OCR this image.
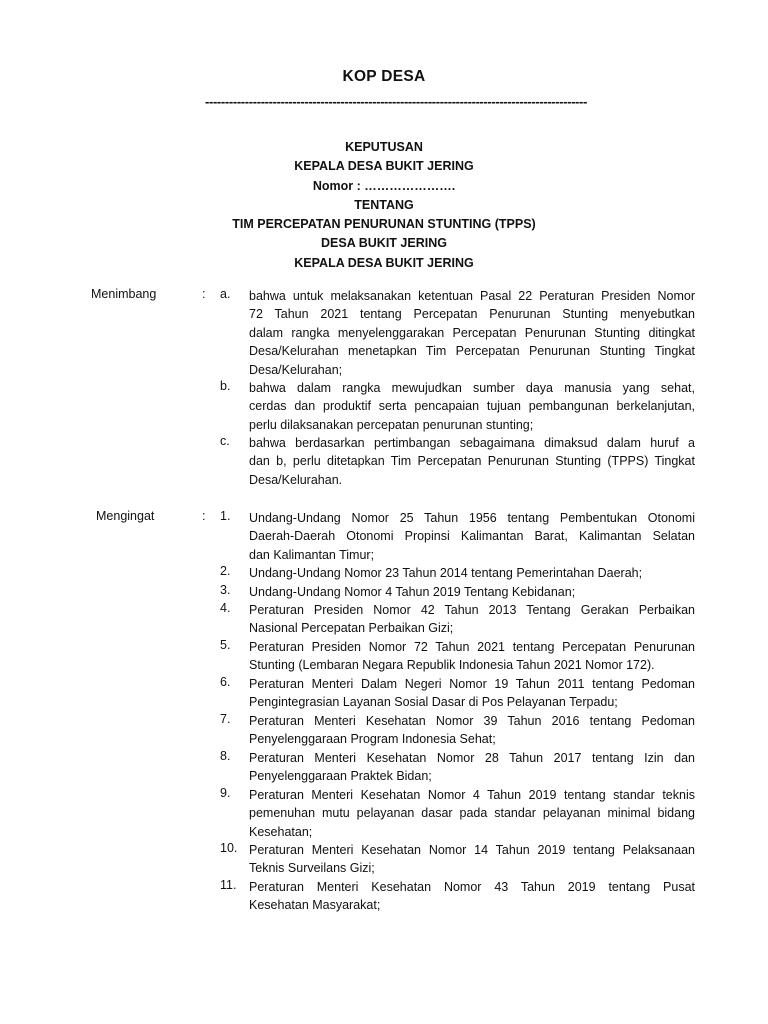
KOP DESA
------------------------------------------------------------------------------------------------
KEPUTUSAN
KEPALA DESA BUKIT JERING
Nomor : ………………….
TENTANG
TIM PERCEPATAN PENURUNAN STUNTING (TPPS)
DESA BUKIT JERING
KEPALA DESA BUKIT JERING
Menimbang	: a. bahwa untuk melaksanakan ketentuan Pasal 22 Peraturan Presiden Nomor
72 Tahun 2021 tentang Percepatan Penurunan Stunting menyebutkan
dalam rangka menyelenggarakan Percepatan Penurunan Stunting ditingkat
Desa/Kelurahan menetapkan Tim Percepatan Penurunan Stunting Tingkat
Desa/Kelurahan;
b. bahwa dalam rangka mewujudkan sumber daya manusia yang sehat,
cerdas dan produktif serta pencapaian tujuan pembangunan berkelanjutan,
perlu dilaksanakan percepatan penurunan stunting;
c. bahwa berdasarkan pertimbangan sebagaimana dimaksud dalam huruf a
dan b, perlu ditetapkan Tim Percepatan Penurunan Stunting (TPPS) Tingkat
Desa/Kelurahan.
Mengingat	: 1. Undang-Undang Nomor 25 Tahun 1956 tentang Pembentukan Otonomi
Daerah-Daerah Otonomi Propinsi Kalimantan Barat, Kalimantan Selatan
dan Kalimantan Timur;
2. Undang-Undang Nomor 23 Tahun 2014 tentang Pemerintahan Daerah;
3. Undang-Undang Nomor 4 Tahun 2019 Tentang Kebidanan;
4. Peraturan Presiden Nomor 42 Tahun 2013 Tentang Gerakan Perbaikan
Nasional Percepatan Perbaikan Gizi;
5. Peraturan Presiden Nomor 72 Tahun 2021 tentang Percepatan Penurunan
Stunting (Lembaran Negara Republik Indonesia Tahun 2021 Nomor 172).
6. Peraturan Menteri Dalam Negeri Nomor 19 Tahun 2011 tentang Pedoman
Pengintegrasian Layanan Sosial Dasar di Pos Pelayanan Terpadu;
7. Peraturan Menteri Kesehatan Nomor 39 Tahun 2016 tentang Pedoman
Penyelenggaraan Program Indonesia Sehat;
8. Peraturan Menteri Kesehatan Nomor 28 Tahun 2017 tentang Izin dan
Penyelenggaraan Praktek Bidan;
9. Peraturan Menteri Kesehatan Nomor 4 Tahun 2019 tentang standar teknis
pemenuhan mutu pelayanan dasar pada standar pelayanan minimal bidang
Kesehatan;
10. Peraturan Menteri Kesehatan Nomor 14 Tahun 2019 tentang Pelaksanaan
Teknis Surveilans Gizi;
11. Peraturan Menteri Kesehatan Nomor 43 Tahun 2019 tentang Pusat
Kesehatan Masyarakat;
